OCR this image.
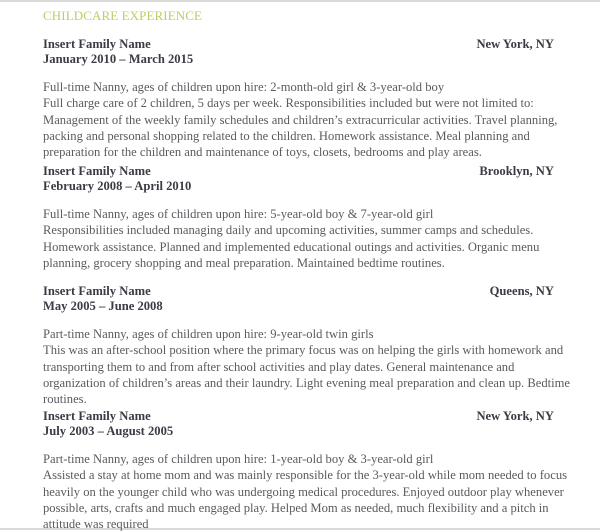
CHILDCARE EXPERIENCE
Insert Family Name	New York, NY
January 2010 – March 2015
Full-time Nanny, ages of children upon hire: 2-month-old girl & 3-year-old boy
Full charge care of 2 children, 5 days per week. Responsibilities included but were not limited to:
Management of the weekly family schedules and children’s extracurricular activities. Travel planning,
packing and personal shopping related to the children. Homework assistance. Meal planning and
preparation for the children and maintenance of toys, closets, bedrooms and play areas.
Insert Family Name	Brooklyn, NY
February 2008 – April 2010
Full-time Nanny, ages of children upon hire: 5-year-old boy & 7-year-old girl
Responsibilities included managing daily and upcoming activities, summer camps and schedules.
Homework assistance. Planned and implemented educational outings and activities. Organic menu
planning, grocery shopping and meal preparation. Maintained bedtime routines.
Insert Family Name	Queens, NY
May 2005 – June 2008
Part-time Nanny, ages of children upon hire: 9-year-old twin girls
This was an after-school position where the primary focus was on helping the girls with homework and
transporting them to and from after school activities and play dates. General maintenance and
organization of children’s areas and their laundry. Light evening meal preparation and clean up. Bedtime
routines.
Insert Family Name	New York, NY
July 2003 – August 2005
Part-time Nanny, ages of children upon hire: 1-year-old boy & 3-year-old girl
Assisted a stay at home mom and was mainly responsible for the 3-year-old while mom needed to focus
heavily on the younger child who was undergoing medical procedures. Enjoyed outdoor play whenever
possible, arts, crafts and much engaged play. Helped Mom as needed, much flexibility and a pitch in
attitude was required
